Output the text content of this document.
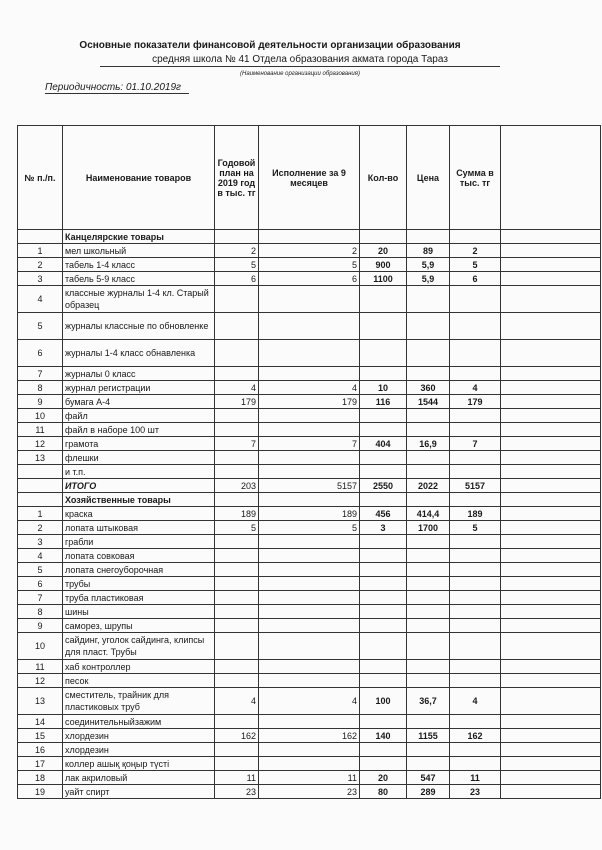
Основные показатели финансовой деятельности организации образования
средняя школа № 41 Отдела образования акмата города Тараз
(Наименование организации образования)
Периодичность: 01.10.2019г
№ п./п.	Наименование товаров	Годовой план на 2019 год в тыс. тг	Исполнение за 9 месяцев	Кол-во	Цена	Сумма в тыс. тг	
	Канцелярские товары						
1	мел школьный	2	2	20	89	2	
2	табель 1-4 класс	5	5	900	5,9	5	
3	табель 5-9 класс	6	6	1100	5,9	6	
4	классные журналы 1-4 кл. Старый образец						
5	журналы классные по обновленке						
6	журналы 1-4 класс обнавленка						
7	журналы 0 класс						
8	журнал регистрации	4	4	10	360	4	
9	бумага А-4	179	179	116	1544	179	
10	файл						
11	файл в наборе 100 шт						
12	грамота	7	7	404	16,9	7	
13	флешки						
	и т.п.						
	ИТОГО	203	5157	2550	2022	5157	
	Хозяйственные товары						
1	краска	189	189	456	414,4	189	
2	лопата штыковая	5	5	3	1700	5	
3	грабли						
4	лопата совковая						
5	лопата снегоуборочная						
6	трубы						
7	труба пластиковая						
8	шины						
9	саморез, шрупы						
10	сайдинг, уголок сайдинга, клипсы для пласт. Трубы						
11	хаб контроллер						
12	песок						
13	сместитель, трайник для пластиковых труб	4	4	100	36,7	4	
14	соединительныйзажим						
15	хлордезин	162	162	140	1155	162	
16	хлордезин						
17	коллер ашық қоңыр түсті						
18	лак акриловый	11	11	20	547	11	
19	уайт спирт	23	23	80	289	23	
